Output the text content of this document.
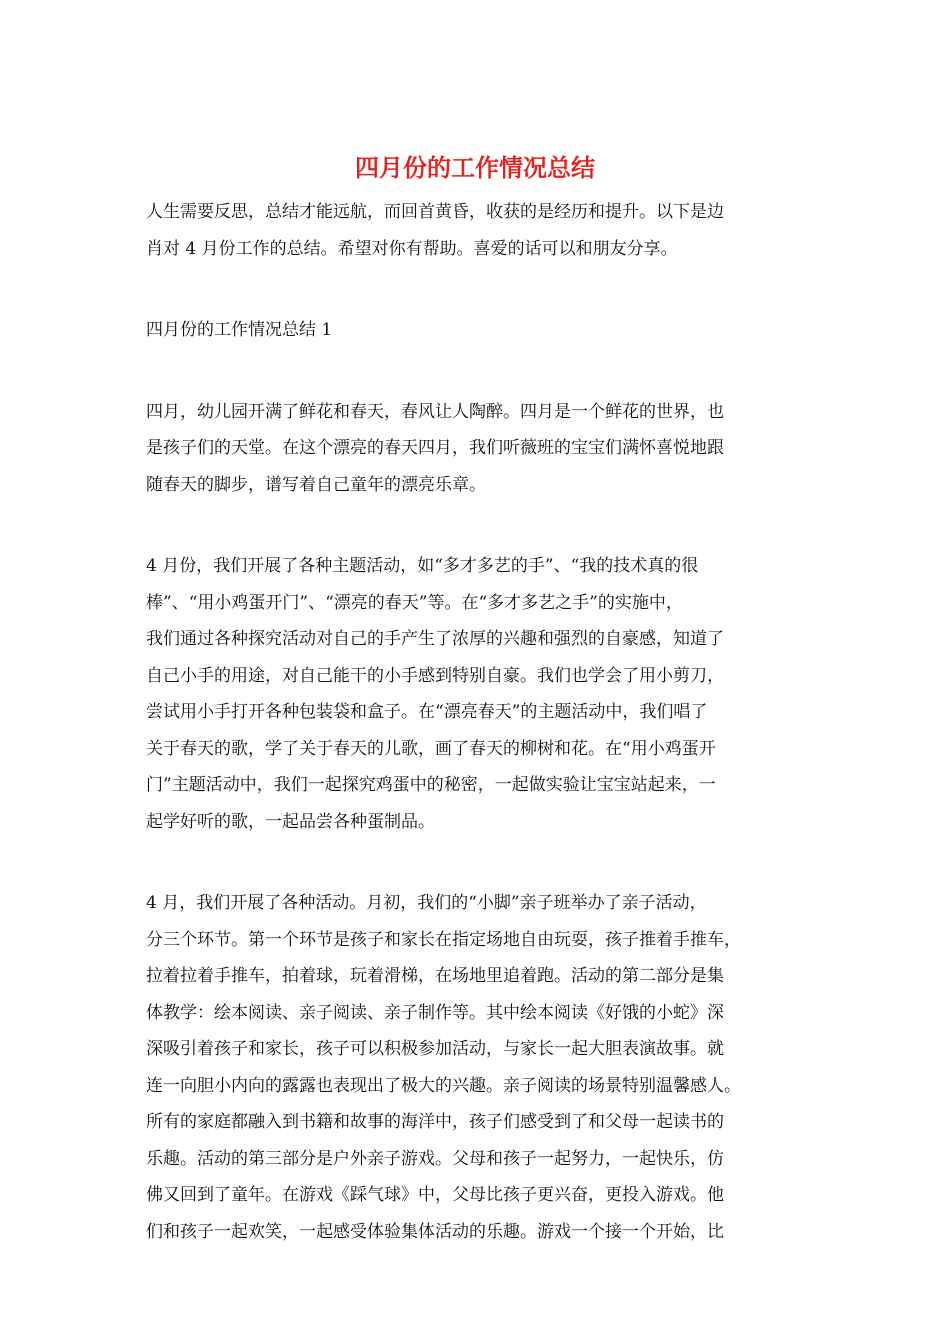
四月份的工作情况总结

人生需要反思，总结才能远航，而回首黄昏，收获的是经历和提升。以下是边
肖对 4 月份工作的总结。希望对你有帮助。喜爱的话可以和朋友分享。

四月份的工作情况总结 1

四月，幼儿园开满了鲜花和春天，春风让人陶醉。四月是一个鲜花的世界，也
是孩子们的天堂。在这个漂亮的春天四月，我们听薇班的宝宝们满怀喜悦地跟
随春天的脚步，谱写着自己童年的漂亮乐章。

4 月份，我们开展了各种主题活动，如“多才多艺的手”、“我的技术真的很
棒”、“用小鸡蛋开门”、“漂亮的春天”等。在“多才多艺之手”的实施中，
我们通过各种探究活动对自己的手产生了浓厚的兴趣和强烈的自豪感，知道了
自己小手的用途，对自己能干的小手感到特别自豪。我们也学会了用小剪刀，
尝试用小手打开各种包装袋和盒子。在“漂亮春天”的主题活动中，我们唱了
关于春天的歌，学了关于春天的儿歌，画了春天的柳树和花。在“用小鸡蛋开
门”主题活动中，我们一起探究鸡蛋中的秘密，一起做实验让宝宝站起来，一
起学好听的歌，一起品尝各种蛋制品。

4 月，我们开展了各种活动。月初，我们的“小脚”亲子班举办了亲子活动，
分三个环节。第一个环节是孩子和家长在指定场地自由玩耍，孩子推着手推车，
拉着拉着手推车，拍着球，玩着滑梯，在场地里追着跑。活动的第二部分是集
体教学：绘本阅读、亲子阅读、亲子制作等。其中绘本阅读《好饿的小蛇》深
深吸引着孩子和家长，孩子可以积极参加活动，与家长一起大胆表演故事。就
连一向胆小内向的露露也表现出了极大的兴趣。亲子阅读的场景特别温馨感人。
所有的家庭都融入到书籍和故事的海洋中，孩子们感受到了和父母一起读书的
乐趣。活动的第三部分是户外亲子游戏。父母和孩子一起努力，一起快乐，仿
佛又回到了童年。在游戏《踩气球》中，父母比孩子更兴奋，更投入游戏。他
们和孩子一起欢笑，一起感受体验集体活动的乐趣。游戏一个接一个开始，比
